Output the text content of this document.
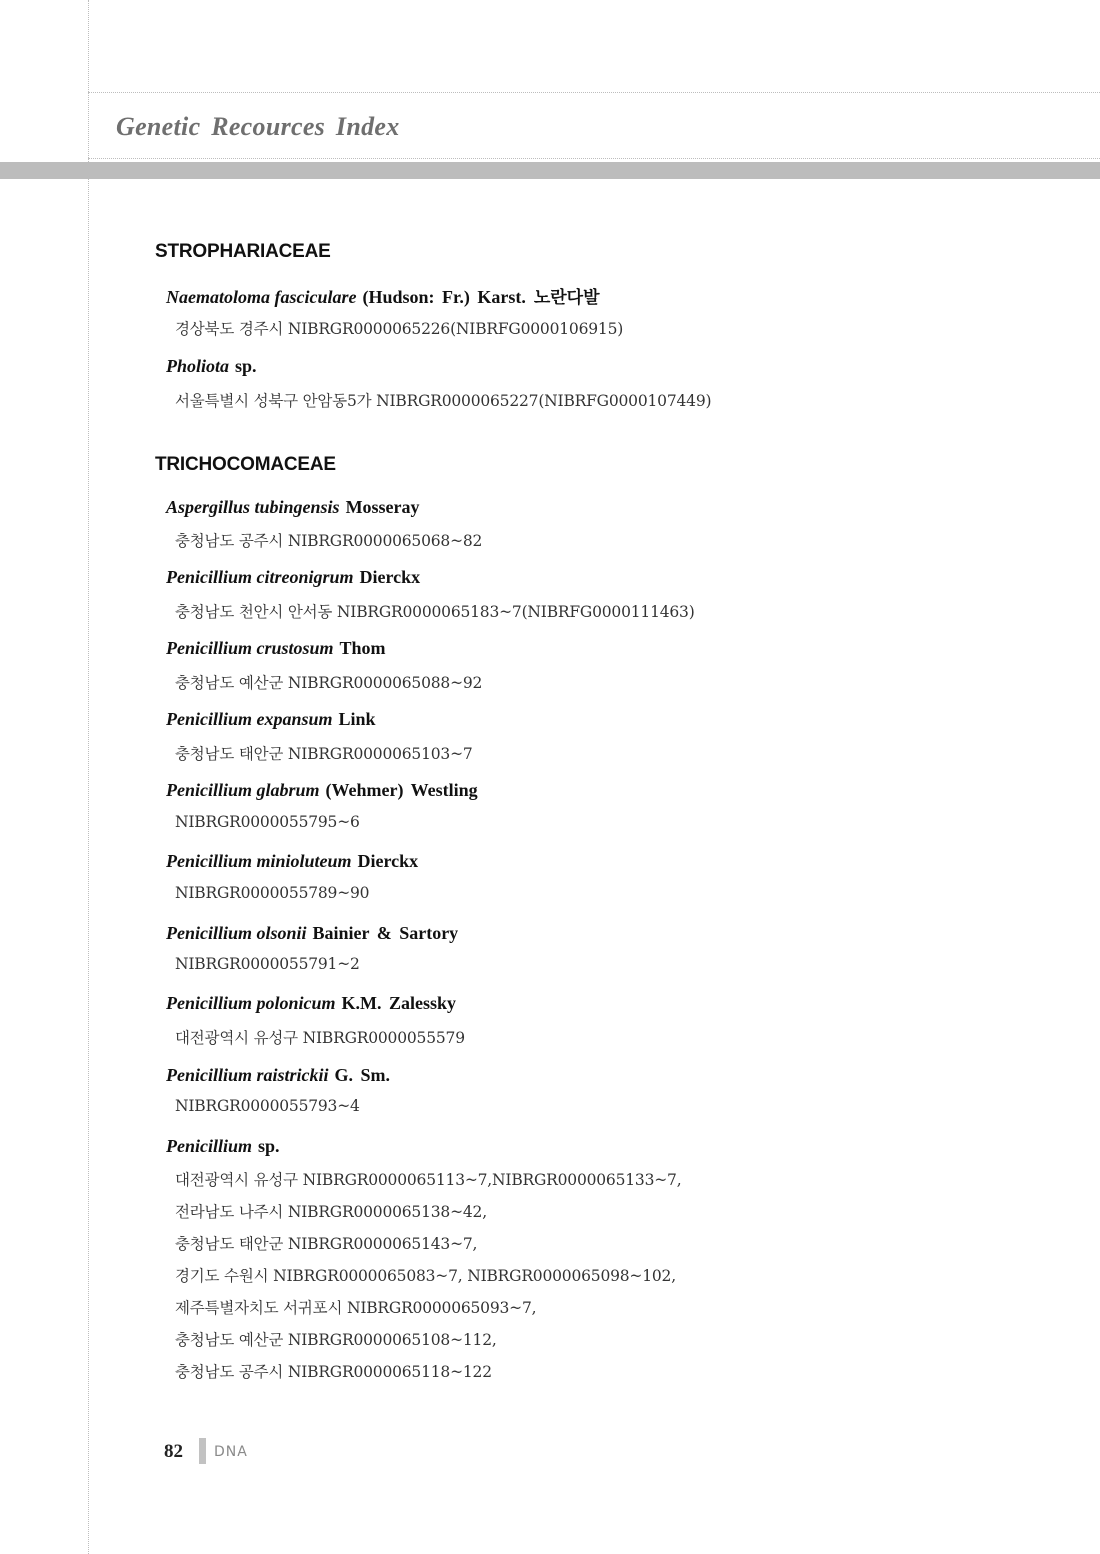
Genetic Recources Index
STROPHARIACEAE
Naematoloma fasciculare (Hudson: Fr.) Karst. 노란다발
경상북도 경주시 NIBRGR0000065226(NIBRFG0000106915)
Pholiota sp.
서울특별시 성북구 안암동5가 NIBRGR0000065227(NIBRFG0000107449)
TRICHOCOMACEAE
Aspergillus tubingensis Mosseray
충청남도 공주시 NIBRGR0000065068~82
Penicillium citreonigrum Dierckx
충청남도 천안시 안서동 NIBRGR0000065183~7(NIBRFG0000111463)
Penicillium crustosum Thom
충청남도 예산군 NIBRGR0000065088~92
Penicillium expansum Link
충청남도 태안군 NIBRGR0000065103~7
Penicillium glabrum (Wehmer) Westling
NIBRGR0000055795~6
Penicillium minioluteum Dierckx
NIBRGR0000055789~90
Penicillium olsonii Bainier & Sartory
NIBRGR0000055791~2
Penicillium polonicum K.M. Zalessky
대전광역시 유성구 NIBRGR0000055579
Penicillium raistrickii G. Sm.
NIBRGR0000055793~4
Penicillium sp.
대전광역시 유성구 NIBRGR0000065113~7,NIBRGR0000065133~7,
전라남도 나주시 NIBRGR0000065138~42,
충청남도 태안군 NIBRGR0000065143~7,
경기도 수원시 NIBRGR0000065083~7, NIBRGR0000065098~102,
제주특별자치도 서귀포시 NIBRGR0000065093~7,
충청남도 예산군 NIBRGR0000065108~112,
충청남도 공주시 NIBRGR0000065118~122
82 DNA
